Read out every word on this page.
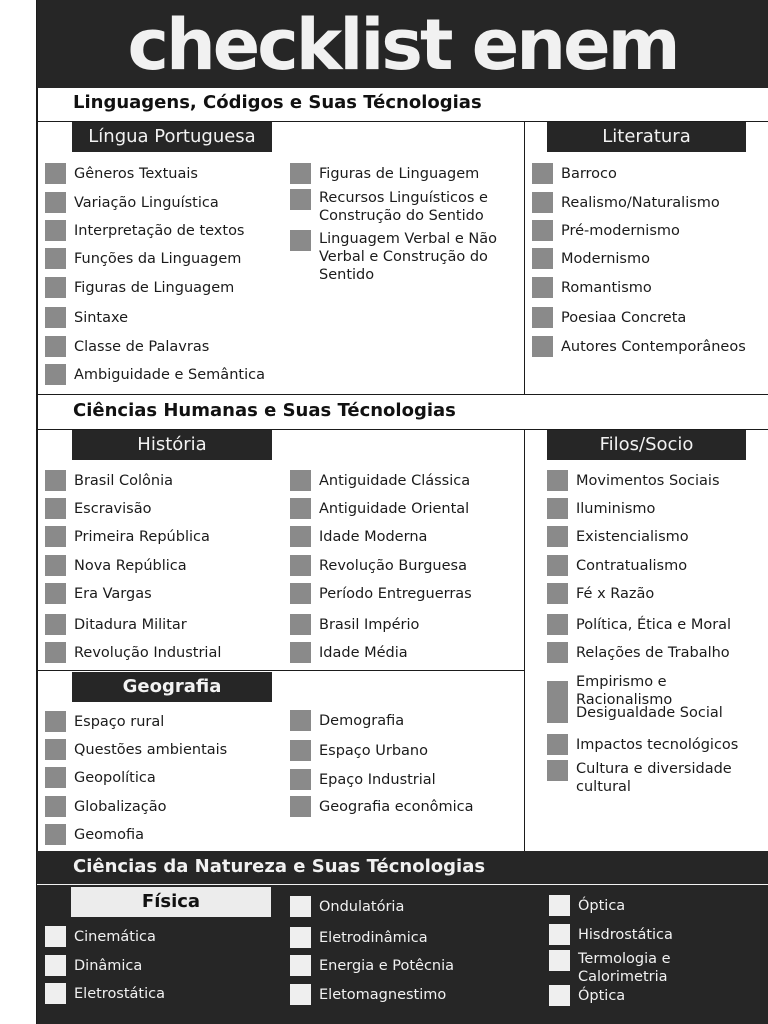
checklist enem
Linguagens, Códigos e Suas Técnologias
Língua Portuguesa	Literatura
Gêneros Textuais
Variação Linguística
Interpretação de textos
Funções da Linguagem
Figuras de Linguagem
Sintaxe
Classe de Palavras
Ambiguidade e Semântica
Figuras de Linguagem
Recursos Linguísticos e Construção do Sentido
Linguagem Verbal e Não Verbal e Construção do Sentido
Barroco
Realismo/Naturalismo
Pré-modernismo
Modernismo
Romantismo
Poesiaa Concreta
Autores Contemporâneos
Ciências Humanas e Suas Técnologias
História	Filos/Socio
Geografia
Brasil Colônia
Escravisão
Primeira República
Nova República
Era Vargas
Ditadura Militar
Revolução Industrial
Antiguidade Clássica
Antiguidade Oriental
Idade Moderna
Revolução Burguesa
Período Entreguerras
Brasil Império
Idade Média
Espaço rural
Questões ambientais
Geopolítica
Globalização
Geomofia
Demografia
Espaço Urbano
Epaço Industrial
Geografia econômica
Movimentos Sociais
Iluminismo
Existencialismo
Contratualismo
Fé x Razão
Política, Ética e Moral
Relações de Trabalho
Empirismo e Racionalismo
Desigualdade Social
Impactos tecnológicos
Cultura e diversidade cultural
Ciências da Natureza e Suas Técnologias
Física
Cinemática
Dinâmica
Eletrostática
Ondulatória
Eletrodinâmica
Energia e Potêcnia
Eletomagnestimo
Óptica
Hisdrostática
Termologia e Calorimetria
Óptica
